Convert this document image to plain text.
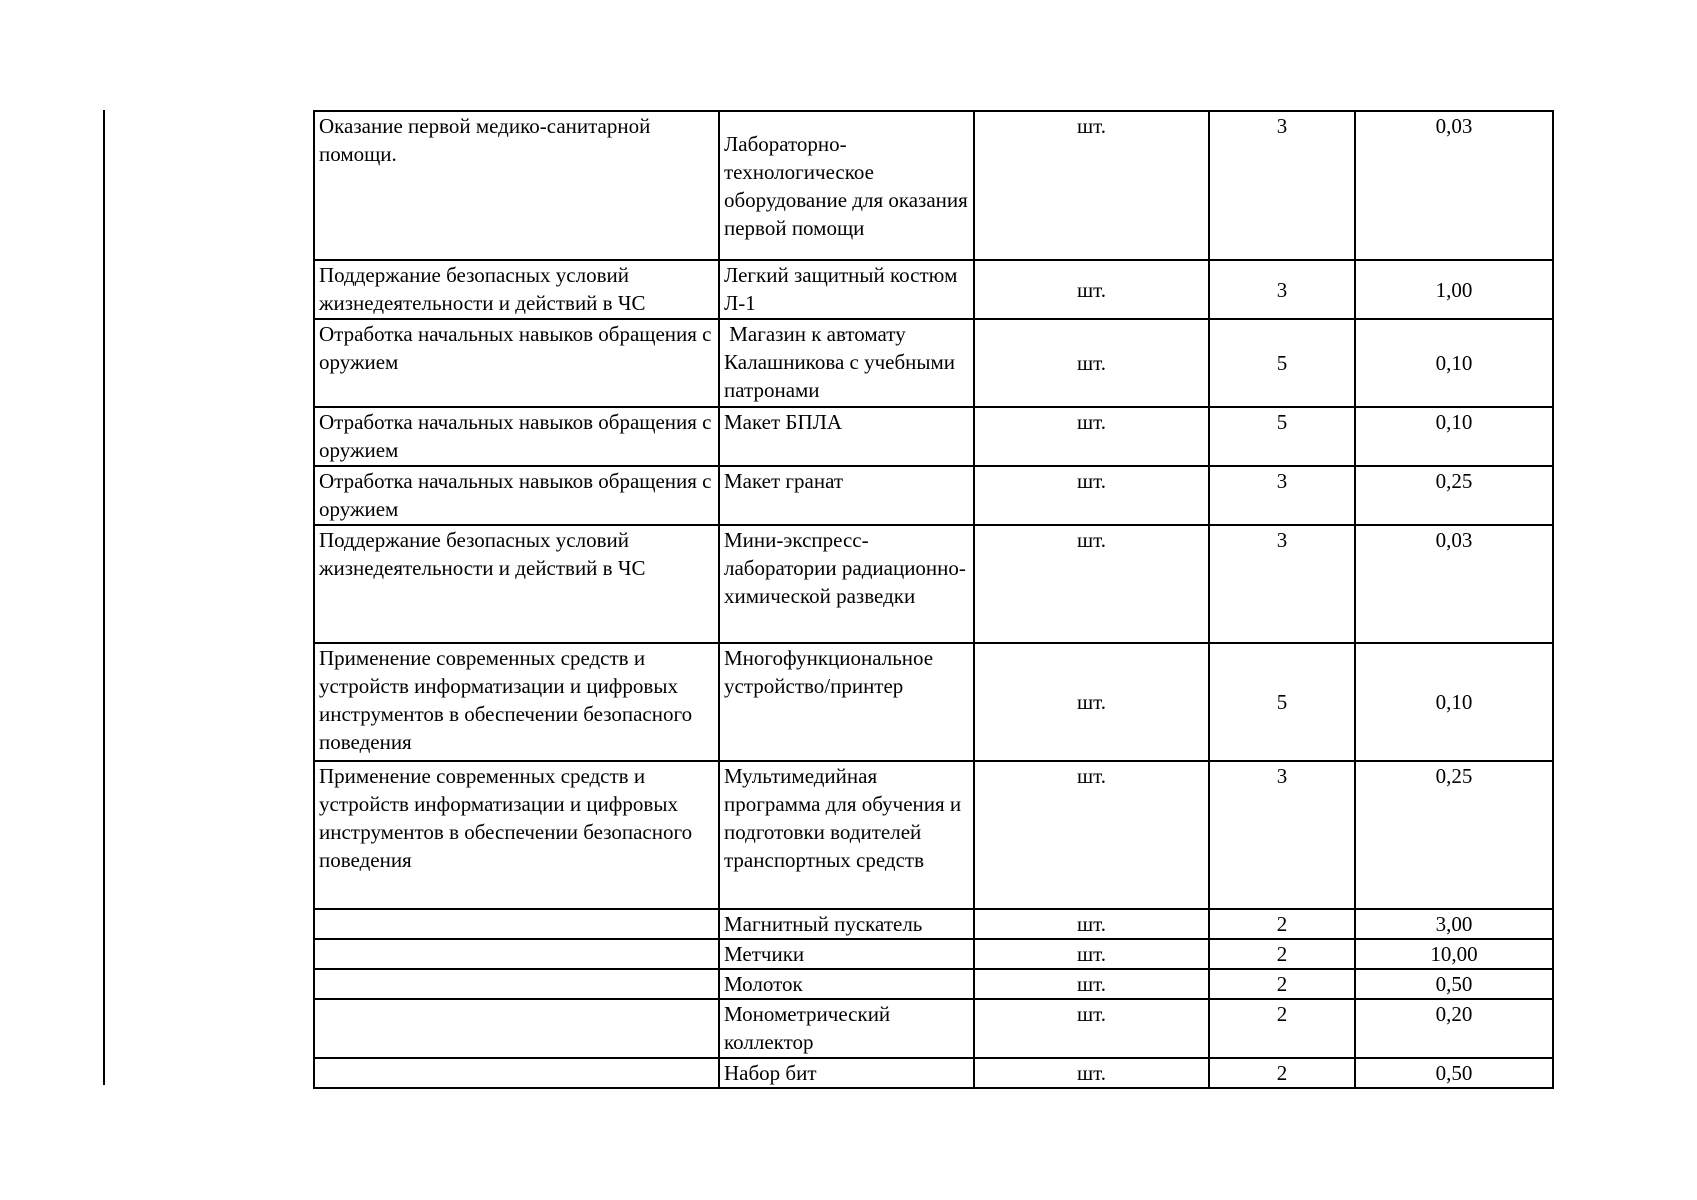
Оказание первой медико-санитарной помощи.	Лабораторно-технологическое оборудование для оказания первой помощи	шт.	3	0,03
Поддержание безопасных условий жизнедеятельности и действий в ЧС	Легкий защитный костюм Л-1	шт.	3	1,00
Отработка начальных навыков обращения с оружием	Магазин к автомату Калашникова с учебными патронами	шт.	5	0,10
Отработка начальных навыков обращения с оружием	Макет БПЛА	шт.	5	0,10
Отработка начальных навыков обращения с оружием	Макет гранат	шт.	3	0,25
Поддержание безопасных условий жизнедеятельности и действий в ЧС	Мини-экспресс-лаборатории радиационно-химической разведки	шт.	3	0,03
Применение современных средств и устройств информатизации и цифровых инструментов в обеспечении безопасного поведения	Многофункциональное устройство/принтер	шт.	5	0,10
Применение современных средств и устройств информатизации и цифровых инструментов в обеспечении безопасного поведения	Мультимедийная программа для обучения и подготовки водителей транспортных средств	шт.	3	0,25
	Магнитный пускатель	шт.	2	3,00
	Метчики	шт.	2	10,00
	Молоток	шт.	2	0,50
	Монометрический коллектор	шт.	2	0,20
	Набор бит	шт.	2	0,50
